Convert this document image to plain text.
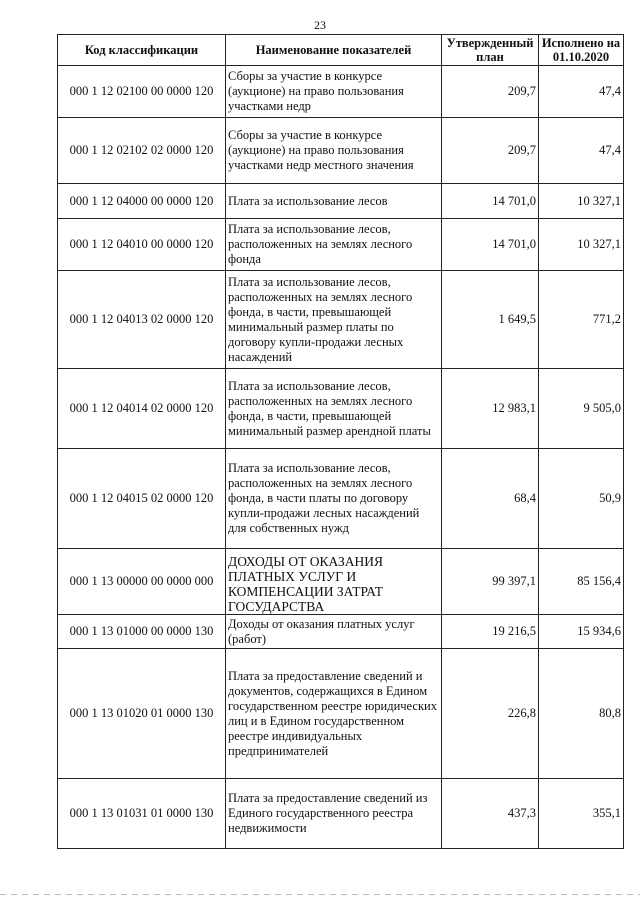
23
Код классификации	Наименование показателей	Утвержденный план	Исполнено на 01.10.2020
000 1 12 02100 00 0000 120	Сборы за участие в конкурсе (аукционе) на право пользования участками недр	209,7	47,4
000 1 12 02102 02 0000 120	Сборы за участие в конкурсе (аукционе) на право пользования участками недр местного значения	209,7	47,4
000 1 12 04000 00 0000 120	Плата за использование лесов	14 701,0	10 327,1
000 1 12 04010 00 0000 120	Плата за использование лесов, расположенных на землях лесного фонда	14 701,0	10 327,1
000 1 12 04013 02 0000 120	Плата за использование лесов, расположенных на землях лесного фонда, в части, превышающей минимальный размер платы по договору купли-продажи лесных насаждений	1 649,5	771,2
000 1 12 04014 02 0000 120	Плата за использование лесов, расположенных на землях лесного фонда, в части, превышающей минимальный размер арендной платы	12 983,1	9 505,0
000 1 12 04015 02 0000 120	Плата за использование лесов, расположенных на землях лесного фонда, в части платы по договору купли-продажи лесных насаждений для собственных нужд	68,4	50,9
000 1 13 00000 00 0000 000	ДОХОДЫ ОТ ОКАЗАНИЯ ПЛАТНЫХ УСЛУГ И КОМПЕНСАЦИИ ЗАТРАТ ГОСУДАРСТВА	99 397,1	85 156,4
000 1 13 01000 00 0000 130	Доходы от оказания платных услуг (работ)	19 216,5	15 934,6
000 1 13 01020 01 0000 130	Плата за предоставление сведений и документов, содержащихся в Едином государственном реестре юридических лиц и в Едином государственном реестре индивидуальных предпринимателей	226,8	80,8
000 1 13 01031 01 0000 130	Плата за предоставление сведений из Единого государственного реестра недвижимости	437,3	355,1
